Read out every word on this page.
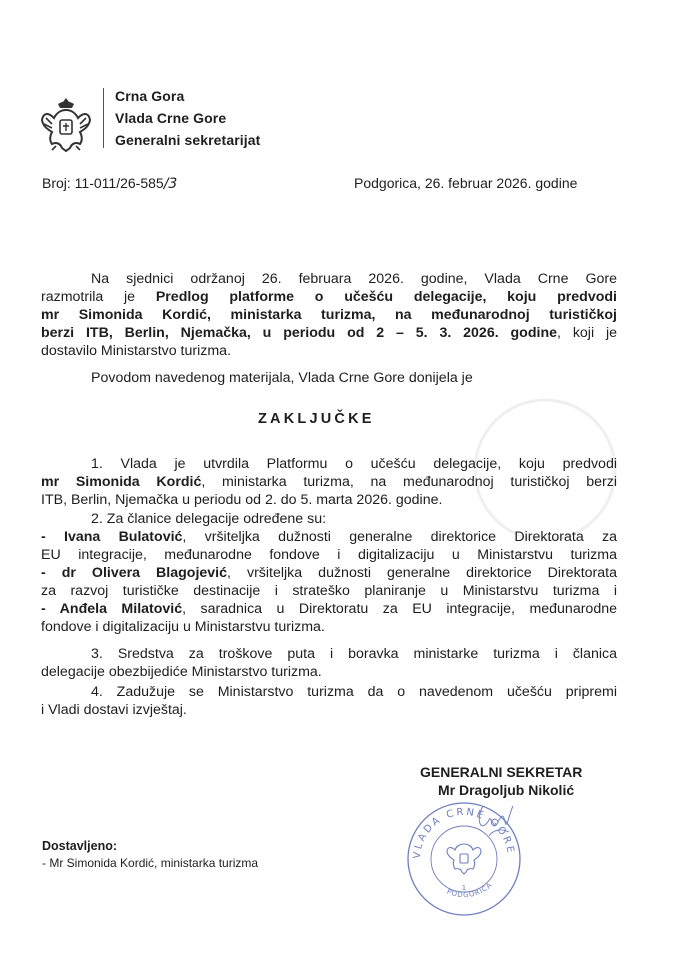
Crna Gora
Vlada Crne Gore
Generalni sekretarijat
Broj: 11-011/26-585/3	Podgorica, 26. februar 2026. godine
Na sjednici održanoj 26. februara 2026. godine, Vlada Crne Gore
razmotrila je Predlog platforme o učešću delegacije, koju predvodi
mr Simonida Kordić, ministarka turizma, na međunarodnoj turističkoj
berzi ITB, Berlin, Njemačka, u periodu od 2 – 5. 3. 2026. godine, koji je
dostavilo Ministarstvo turizma.
Povodom navedenog materijala, Vlada Crne Gore donijela je
ZAKLJUČKE
1. Vlada je utvrdila Platformu o učešću delegacije, koju predvodi
mr Simonida Kordić, ministarka turizma, na međunarodnoj turističkoj berzi
ITB, Berlin, Njemačka u periodu od 2. do 5. marta 2026. godine.
2. Za članice delegacije određene su:
- Ivana Bulatović, vršiteljka dužnosti generalne direktorice Direktorata za
EU integracije, međunarodne fondove i digitalizaciju u Ministarstvu turizma
- dr Olivera Blagojević, vršiteljka dužnosti generalne direktorice Direktorata
za razvoj turističke destinacije i strateško planiranje u Ministarstvu turizma i
- Anđela Milatović, saradnica u Direktoratu za EU integracije, međunarodne
fondove i digitalizaciju u Ministarstvu turizma.
3. Sredstva za troškove puta i boravka ministarke turizma i članica
delegacije obezbijediće Ministarstvo turizma.
4. Zadužuje se Ministarstvo turizma da o navedenom učešću pripremi
i Vladi dostavi izvještaj.
GENERALNI SEKRETAR
Mr Dragoljub Nikolić
VLADA CRNE GORE
PODGORICA
1
Dostavljeno:
- Mr Simonida Kordić, ministarka turizma
